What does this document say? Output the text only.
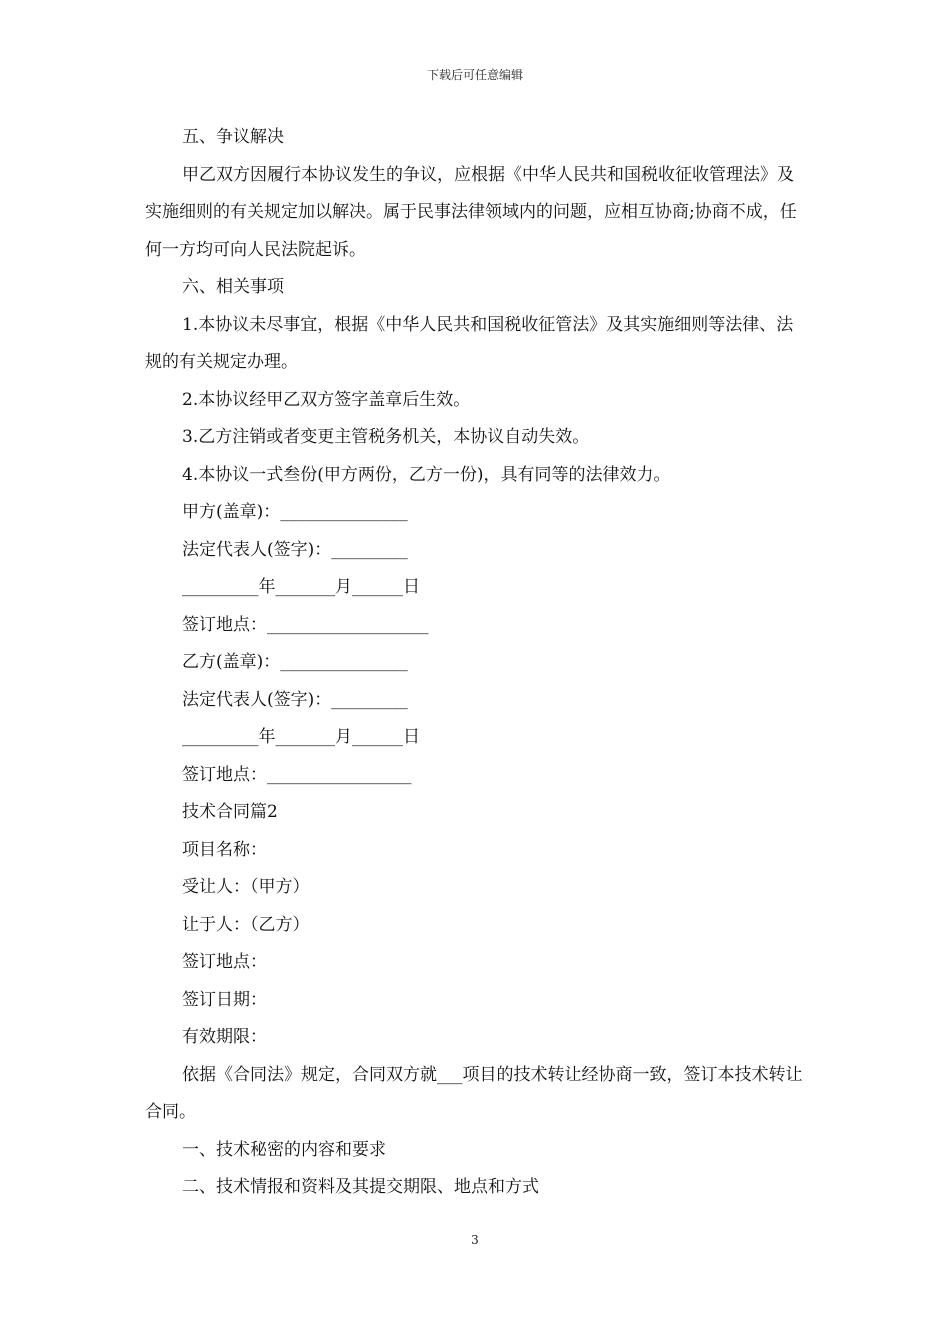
下载后可任意编辑

五、争议解决

甲乙双方因履行本协议发生的争议，应根据《中华人民共和国税收征收管理法》及实施细则的有关规定加以解决。属于民事法律领域内的问题，应相互协商;协商不成，任何一方均可向人民法院起诉。

六、相关事项

1.本协议未尽事宜，根据《中华人民共和国税收征管法》及其实施细则等法律、法规的有关规定办理。

2.本协议经甲乙双方签字盖章后生效。

3.乙方注销或者变更主管税务机关，本协议自动失效。

4.本协议一式叁份(甲方两份，乙方一份)，具有同等的法律效力。

甲方(盖章)：_______________

法定代表人(签字)：_________

_________年_______月______日

签订地点：___________________

乙方(盖章)：_______________

法定代表人(签字)：_________

_________年_______月______日

签订地点：_________________

技术合同篇2

项目名称：

受让人：（甲方）

让于人：（乙方）

签订地点：

签订日期：

有效期限：

依据《合同法》规定，合同双方就___项目的技术转让经协商一致，签订本技术转让合同。

一、技术秘密的内容和要求

二、技术情报和资料及其提交期限、地点和方式

3
